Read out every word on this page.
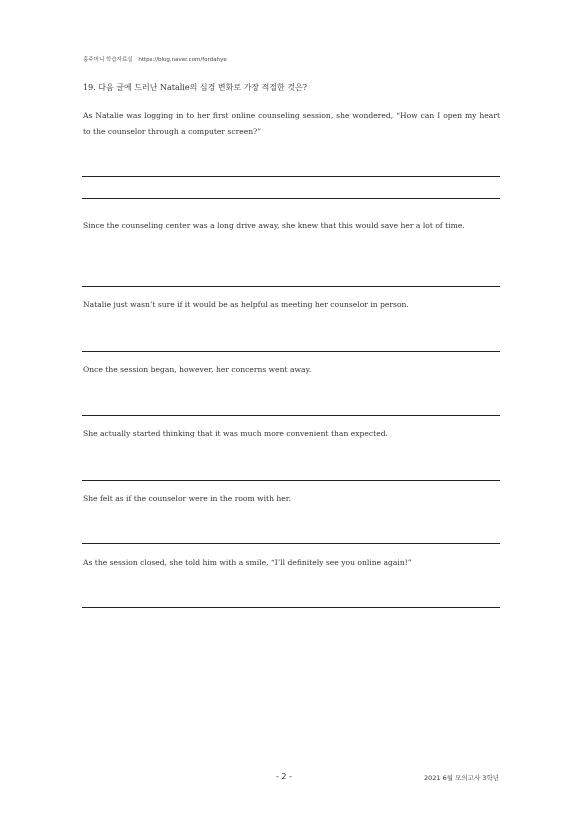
홍주머니 학습자료실 https://blog.naver.com/fordahye
19. 다음 글에 드러난 Natalie의 심경 변화로 가장 적절한 것은?
As Natalie was logging in to her first online counseling session, she wondered, “How can I open my heart to the counselor through a computer screen?”
Since the counseling center was a long drive away, she knew that this would save her a lot of time.
Natalie just wasn’t sure if it would be as helpful as meeting her counselor in person.
Once the session began, however, her concerns went away.
She actually started thinking that it was much more convenient than expected.
She felt as if the counselor were in the room with her.
As the session closed, she told him with a smile, “I’ll definitely see you online again!”
- 2 -	2021 6월 모의고사 3학년
